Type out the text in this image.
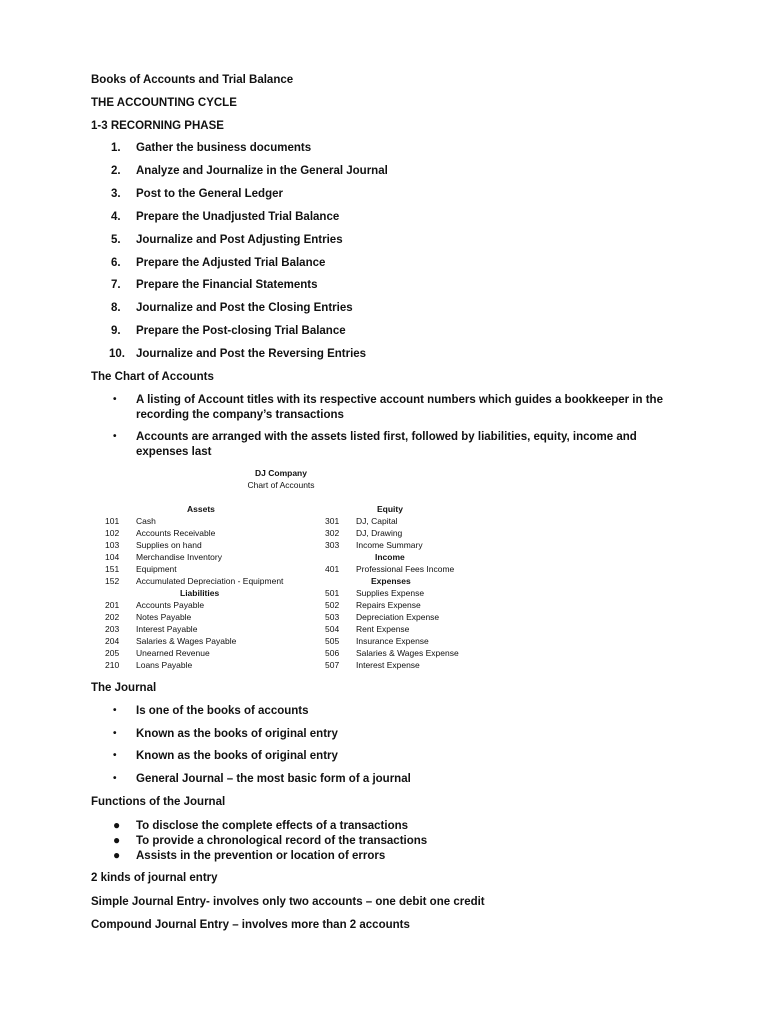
Books of Accounts and Trial Balance
THE ACCOUNTING CYCLE
1-3 RECORNING PHASE
1. Gather the business documents
2. Analyze and Journalize in the General Journal
3. Post to the General Ledger
4. Prepare the Unadjusted Trial Balance
5. Journalize and Post Adjusting Entries
6. Prepare the Adjusted Trial Balance
7. Prepare the Financial Statements
8. Journalize and Post the Closing Entries
9. Prepare the Post-closing Trial Balance
10. Journalize and Post the Reversing Entries
The Chart of Accounts
• A listing of Account titles with its respective account numbers which guides a bookkeeper in the
recording the company’s transactions
• Accounts are arranged with the assets listed first, followed by liabilities, equity, income and
expenses last
DJ Company
Chart of Accounts
Assets
101 Cash
102 Accounts Receivable
103 Supplies on hand
104 Merchandise Inventory
151 Equipment
152 Accumulated Depreciation - Equipment
Liabilities
201 Accounts Payable
202 Notes Payable
203 Interest Payable
204 Salaries & Wages Payable
205 Unearned Revenue
210 Loans Payable
Equity
301 DJ, Capital
302 DJ, Drawing
303 Income Summary
Income
401 Professional Fees Income
Expenses
501 Supplies Expense
502 Repairs Expense
503 Depreciation Expense
504 Rent Expense
505 Insurance Expense
506 Salaries & Wages Expense
507 Interest Expense
The Journal
• Is one of the books of accounts
• Known as the books of original entry
• Known as the books of original entry
• General Journal – the most basic form of a journal
Functions of the Journal
● To disclose the complete effects of a transactions
● To provide a chronological record of the transactions
● Assists in the prevention or location of errors
2 kinds of journal entry
Simple Journal Entry- involves only two accounts – one debit one credit
Compound Journal Entry – involves more than 2 accounts
